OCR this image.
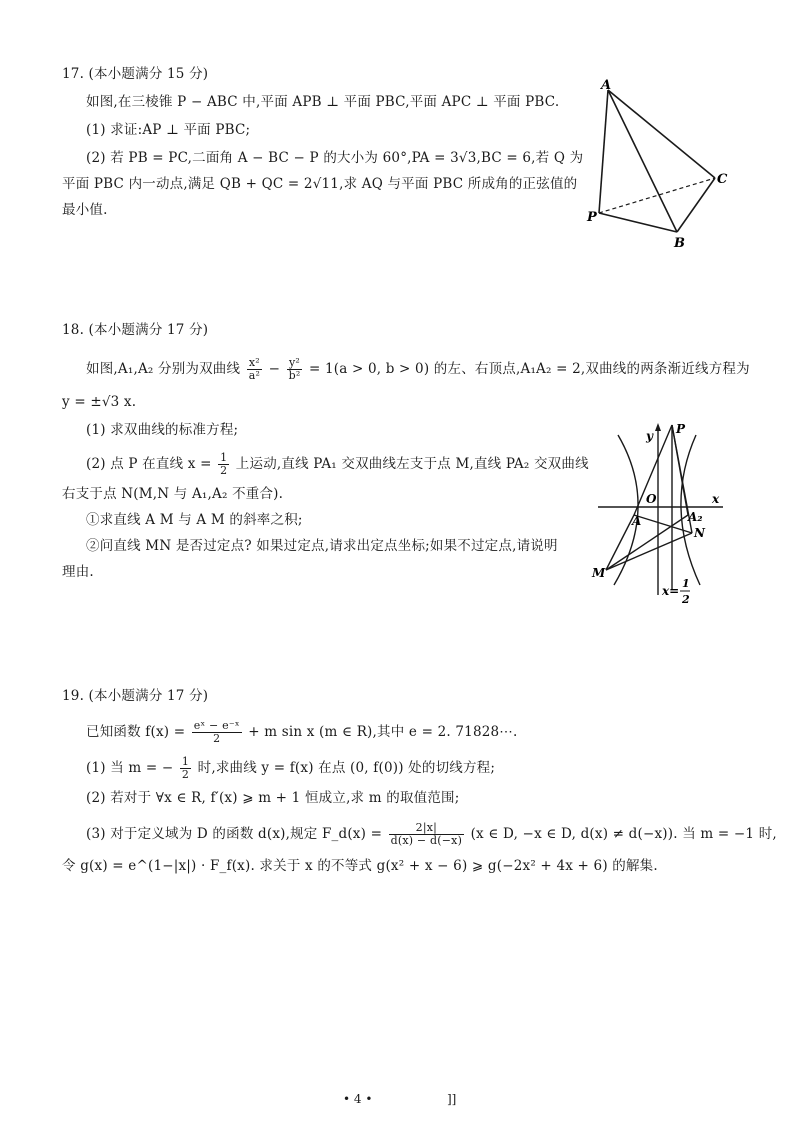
17. (本小题满分 15 分)
如图,在三棱锥 P − ABC 中,平面 APB ⊥ 平面 PBC,平面 APC ⊥ 平面 PBC.
(1) 求证:AP ⊥ 平面 PBC;
(2) 若 PB = PC,二面角 A − BC − P 的大小为 60°,PA = 3√3,BC = 6,若 Q 为
平面 PBC 内一动点,满足 QB + QC = 2√11,求 AQ 与平面 PBC 所成角的正弦值的
最小值.
A
P
B
C
18. (本小题满分 17 分)
如图,A₁,A₂ 分别为双曲线 $\frac{\text{x²}}{\text{a²}} - \frac{\text{y²}}{\text{b²}} = 1(a > 0$, b > 0) 的左、右顶点,A₁A₂ = 2,双曲线的两条渐近线方程为
y = ±√3 x.
(1) 求双曲线的标准方程;
(2) 点 P 在直线 $x = \frac{1}{2}$ 上运动,直线 PA₁ 交双曲线左支于点 M,直线 PA₂ 交双曲线
右支于点 N(M,N 与 A₁,A₂ 不重合).
①求直线 A M 与 A M 的斜率之积;
②问直线 MN 是否过定点? 如果过定点,请求出定点坐标;如果不过定点,请说明
理由.
y P
O	x
A	A₂
N
M
x=
1
2
19. (本小题满分 17 分)
已知函数 $f(x) = \frac{\text{eˣ − e⁻ˣ}}{2} + m$ sin x (m ∈ R),其中 e = 2. 71828⋯.
(1) 当 m = − $\frac{1}{2}$ 时,求曲线 y = f(x) 在点 (0, f(0)) 处的切线方程;
(2) 若对于 ∀x ∈ R, f′(x) ⩾ m + 1 恒成立,求 m 的取值范围;
(3) 对于定义域为 D 的函数 d(x),规定 F_d(x) = $\frac{2|x|}{d(x) - d(-x)} (x$ ∈ D, −x ∈ D, d(x) ≠ d(−x)). 当 m = −1 时,
令 g(x) = e^(1−|x|) · F_f(x). 求关于 x 的不等式 g(x² + x − 6) ⩾ g(−2x² + 4x + 6) 的解集.
• 4 •	]]
